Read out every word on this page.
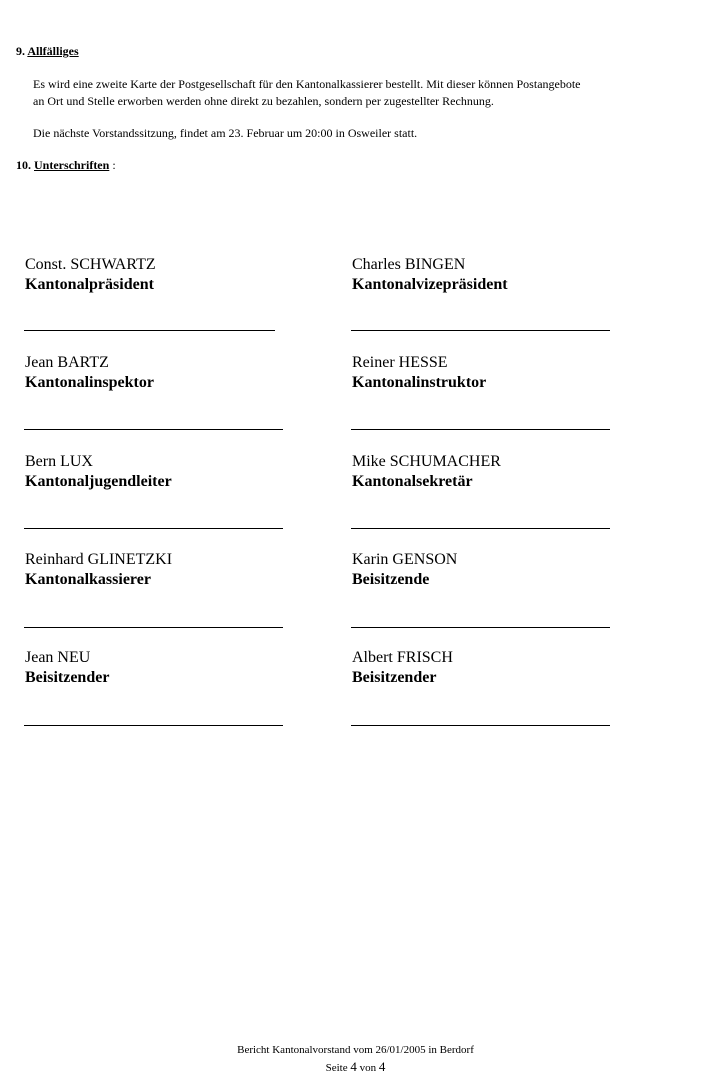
9. Allfälliges
Es wird eine zweite Karte der Postgesellschaft für den Kantonalkassierer bestellt. Mit dieser können Postangebote
an Ort und Stelle erworben werden ohne direkt zu bezahlen, sondern per zugestellter Rechnung.
Die nächste Vorstandssitzung, findet am 23. Februar um 20:00 in Osweiler statt.
10. Unterschriften :
Const. SCHWARTZ
Kantonalpräsident
Charles BINGEN
Kantonalvizepräsident
Jean BARTZ
Kantonalinspektor
Reiner HESSE
Kantonalinstruktor
Bern LUX
Kantonaljugendleiter
Mike SCHUMACHER
Kantonalsekretär
Reinhard GLINETZKI
Kantonalkassierer
Karin GENSON
Beisitzende
Jean NEU
Beisitzender
Albert FRISCH
Beisitzender
Bericht Kantonalvorstand vom 26/01/2005 in Berdorf
Seite 4 von 4
